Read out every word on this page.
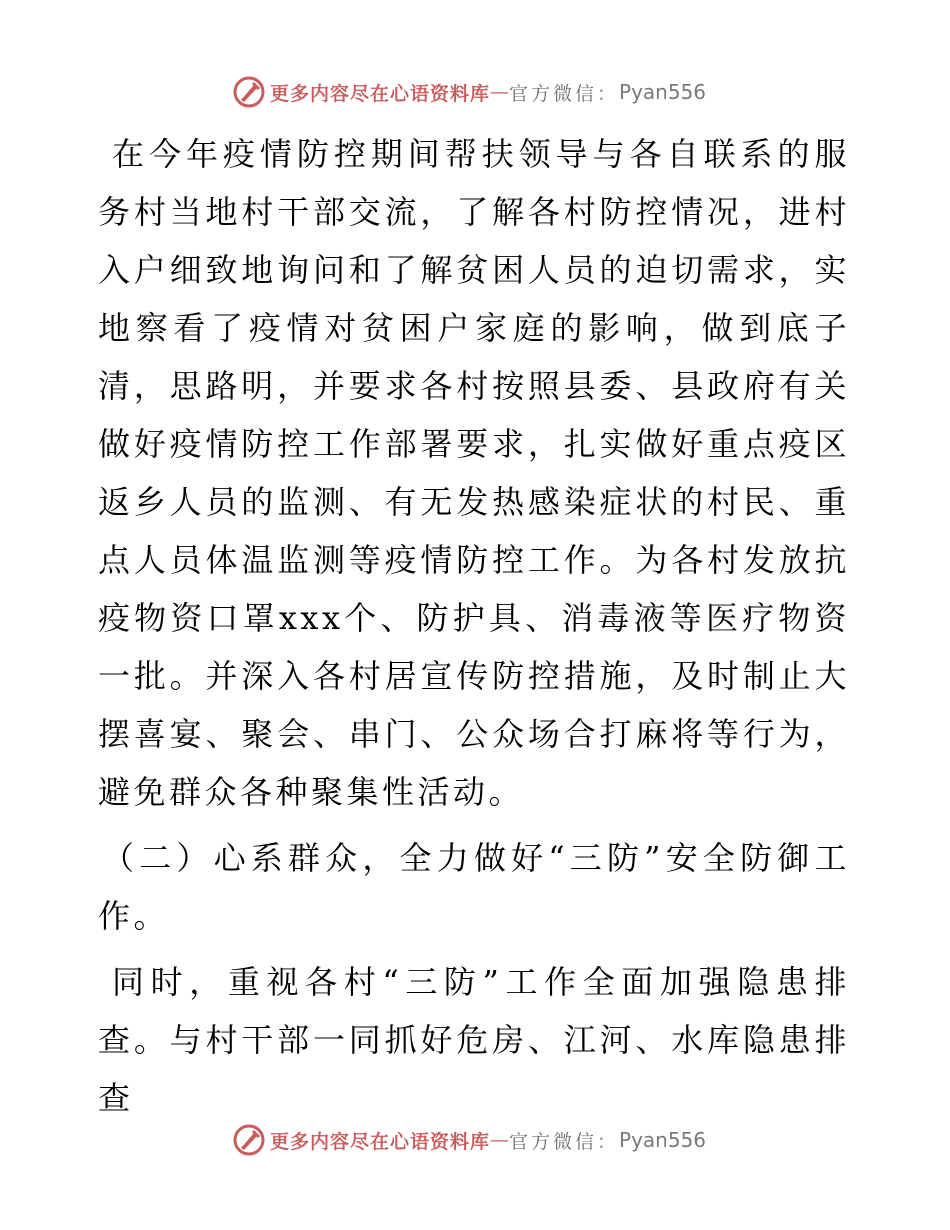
更多内容尽在心语资料库 — 官方微信： Pyan556

在今年疫情防控期间帮扶领导与各自联系的服务村当地村干部交流，了解各村防控情况，进村入户细致地询问和了解贫困人员的迫切需求，实地察看了疫情对贫困户家庭的影响，做到底子清，思路明，并要求各村按照县委、县政府有关做好疫情防控工作部署要求，扎实做好重点疫区返乡人员的监测、有无发热感染症状的村民、重点人员体温监测等疫情防控工作。为各村发放抗疫物资口罩xxx个、防护具、消毒液等医疗物资一批。并深入各村居宣传防控措施，及时制止大摆喜宴、聚会、串门、公众场合打麻将等行为，避免群众各种聚集性活动。

（二）心系群众，全力做好“三防”安全防御工作。

同时，重视各村“三防”工作全面加强隐患排查。与村干部一同抓好危房、江河、水库隐患排查

更多内容尽在心语资料库 — 官方微信： Pyan556
